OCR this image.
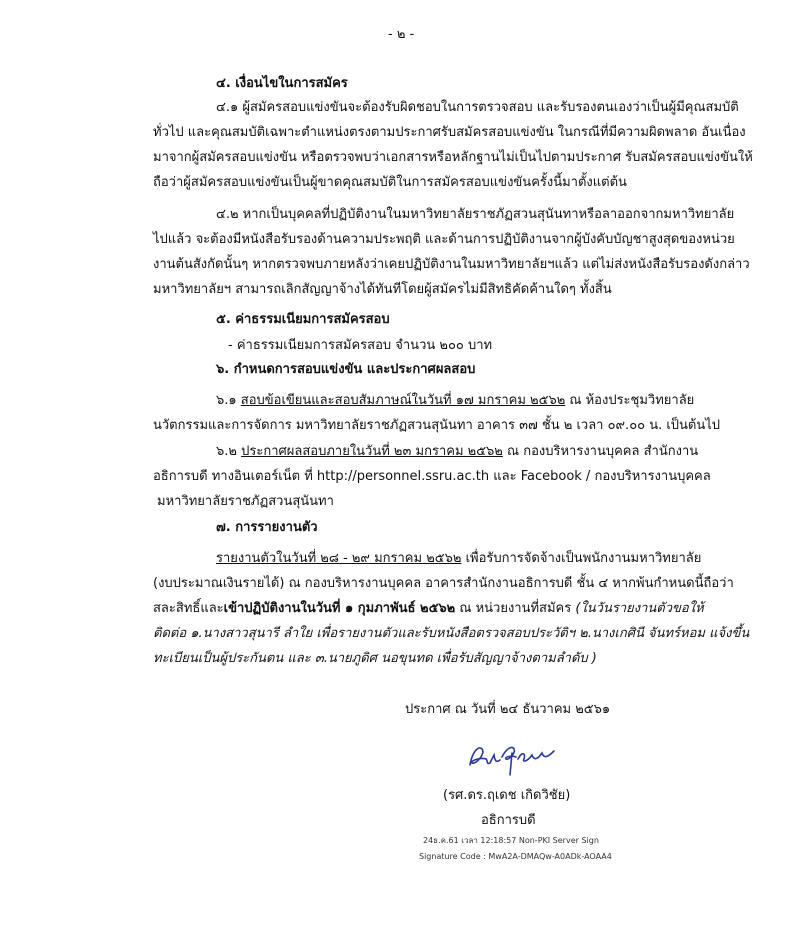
- ๒ -
๔. เงื่อนไขในการสมัคร
๔.๑ ผู้สมัครสอบแข่งขันจะต้องรับผิดชอบในการตรวจสอบ และรับรองตนเองว่าเป็นผู้มีคุณสมบัติ
ทั่วไป และคุณสมบัติเฉพาะตำแหน่งตรงตามประกาศรับสมัครสอบแข่งขัน ในกรณีที่มีความผิดพลาด อันเนื่อง
มาจากผู้สมัครสอบแข่งขัน หรือตรวจพบว่าเอกสารหรือหลักฐานไม่เป็นไปตามประกาศ รับสมัครสอบแข่งขันให้
ถือว่าผู้สมัครสอบแข่งขันเป็นผู้ขาดคุณสมบัติในการสมัครสอบแข่งขันครั้งนี้มาตั้งแต่ต้น
๔.๒ หากเป็นบุคคลที่ปฏิบัติงานในมหาวิทยาลัยราชภัฏสวนสุนันทาหรือลาออกจากมหาวิทยาลัย
ไปแล้ว จะต้องมีหนังสือรับรองด้านความประพฤติ และด้านการปฏิบัติงานจากผู้บังคับบัญชาสูงสุดของหน่วย
งานต้นสังกัดนั้นๆ หากตรวจพบภายหลังว่าเคยปฏิบัติงานในมหาวิทยาลัยฯแล้ว แต่ไม่ส่งหนังสือรับรองดังกล่าว
มหาวิทยาลัยฯ สามารถเลิกสัญญาจ้างได้ทันทีโดยผู้สมัครไม่มีสิทธิคัดค้านใดๆ ทั้งสิ้น
๕. ค่าธรรมเนียมการสมัครสอบ
- ค่าธรรมเนียมการสมัครสอบ จำนวน ๒๐๐ บาท
๖. กำหนดการสอบแข่งขัน และประกาศผลสอบ
๖.๑ สอบข้อเขียนและสอบสัมภาษณ์ในวันที่ ๑๗ มกราคม ๒๕๖๒ ณ ห้องประชุมวิทยาลัย
นวัตกรรมและการจัดการ มหาวิทยาลัยราชภัฏสวนสุนันทา อาคาร ๓๗ ชั้น ๒ เวลา ๐๙.๐๐ น. เป็นต้นไป
๖.๒ ประกาศผลสอบภายในวันที่ ๒๓ มกราคม ๒๕๖๒ ณ กองบริหารงานบุคคล สำนักงาน
อธิการบดี ทางอินเตอร์เน็ต ที่ http://personnel.ssru.ac.th และ Facebook / กองบริหารงานบุคคล
มหาวิทยาลัยราชภัฏสวนสุนันทา
๗. การรายงานตัว
รายงานตัวในวันที่ ๒๘ - ๒๙ มกราคม ๒๕๖๒ เพื่อรับการจัดจ้างเป็นพนักงานมหาวิทยาลัย
(งบประมาณเงินรายได้) ณ กองบริหารงานบุคคล อาคารสำนักงานอธิการบดี ชั้น ๔ หากพ้นกำหนดนี้ถือว่า
สละสิทธิ์และเข้าปฏิบัติงานในวันที่ ๑ กุมภาพันธ์ ๒๕๖๒ ณ หน่วยงานที่สมัคร (ในวันรายงานตัวขอให้
ติดต่อ ๑.นางสาวสุนารี ลำใย เพื่อรายงานตัวและรับหนังสือตรวจสอบประวัติฯ ๒.นางเกศินี จันทร์หอม แจ้งขึ้น
ทะเบียนเป็นผู้ประกันตน และ ๓.นายภูดิศ นอขุนทด เพื่อรับสัญญาจ้างตามลำดับ )
ประกาศ ณ วันที่ ๒๔ ธันวาคม ๒๕๖๑
(รศ.ดร.ฤเดช เกิดวิชัย)
อธิการบดี
24ธ.ค.61 เวลา 12:18:57 Non-PKI Server Sign
Signature Code : MwA2A-DMAQw-A0ADk-AOAA4
